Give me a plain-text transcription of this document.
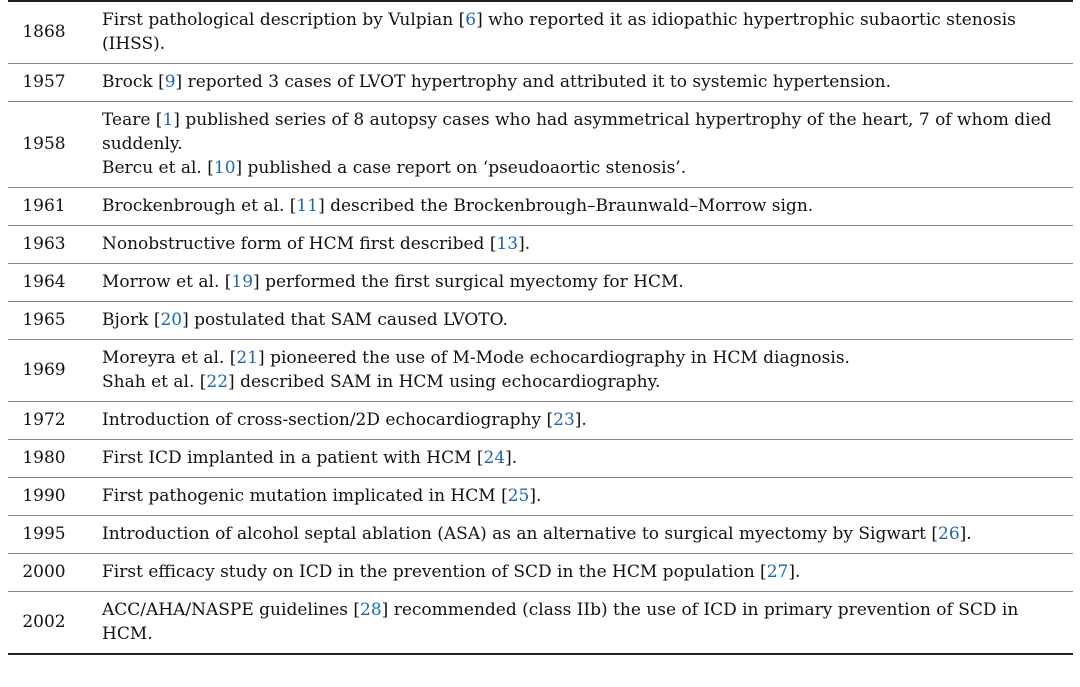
1868	First pathological description by Vulpian [6] who reported it as idiopathic hypertrophic subaortic stenosis (IHSS).

1957	Brock [9] reported 3 cases of LVOT hypertrophy and attributed it to systemic hypertension.

1958	Teare [1] published series of 8 autopsy cases who had asymmetrical hypertrophy of the heart, 7 of whom died suddenly.
Bercu et al. [10] published a case report on ‘pseudoaortic stenosis’.

1961	Brockenbrough et al. [11] described the Brockenbrough–Braunwald–Morrow sign.

1963	Nonobstructive form of HCM first described [13].

1964	Morrow et al. [19] performed the first surgical myectomy for HCM.

1965	Bjork [20] postulated that SAM caused LVOTO.

1969	Moreyra et al. [21] pioneered the use of M-Mode echocardiography in HCM diagnosis.
Shah et al. [22] described SAM in HCM using echocardiography.

1972	Introduction of cross-section/2D echocardiography [23].

1980	First ICD implanted in a patient with HCM [24].

1990	First pathogenic mutation implicated in HCM [25].

1995	Introduction of alcohol septal ablation (ASA) as an alternative to surgical myectomy by Sigwart [26].

2000	First efficacy study on ICD in the prevention of SCD in the HCM population [27].

2002	ACC/AHA/NASPE guidelines [28] recommended (class IIb) the use of ICD in primary prevention of SCD in HCM.
